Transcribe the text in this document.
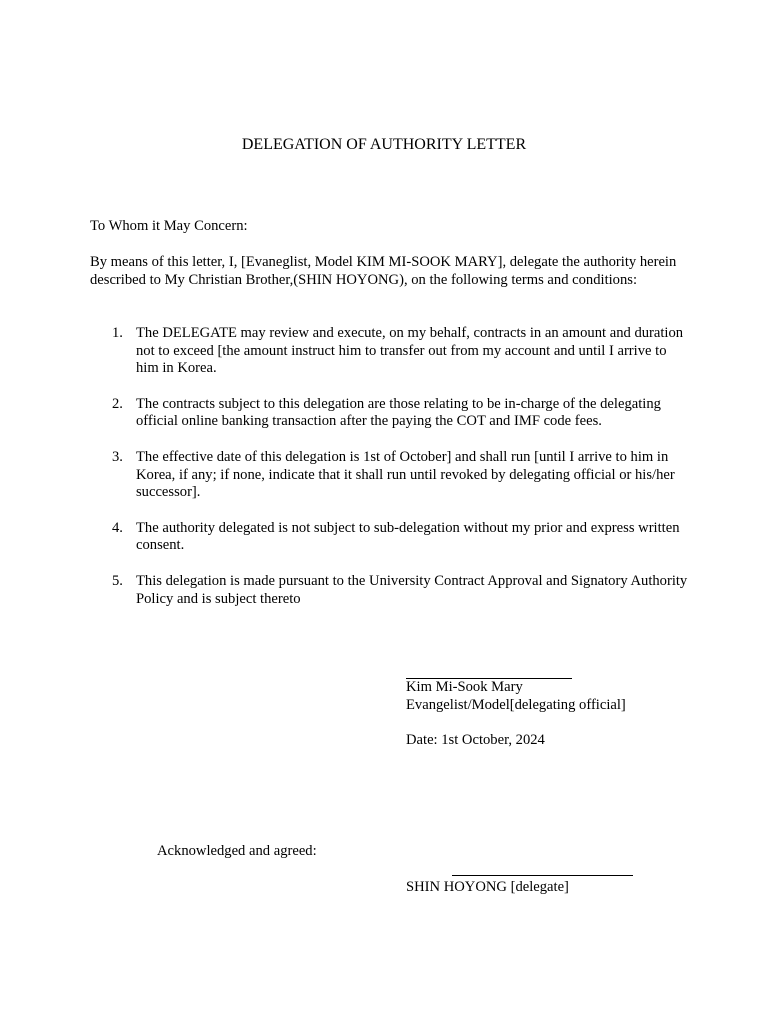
DELEGATION OF AUTHORITY LETTER
To Whom it May Concern:
By means of this letter, I, [Evaneglist, Model KIM MI-SOOK MARY], delegate the authority herein described to My Christian Brother,(SHIN HOYONG), on the following terms and conditions:
1. The DELEGATE may review and execute, on my behalf, contracts in an amount and duration not to exceed [the amount instruct him to transfer out from my account and until I arrive to him in Korea.
2. The contracts subject to this delegation are those relating to be in-charge of the delegating official online banking transaction after the paying the COT and IMF code fees.
3. The effective date of this delegation is 1st of October] and shall run [until I arrive to him in Korea, if any; if none, indicate that it shall run until revoked by delegating official or his/her successor].
4. The authority delegated is not subject to sub-delegation without my prior and express written consent.
5. This delegation is made pursuant to the University Contract Approval and Signatory Authority Policy and is subject thereto
Kim Mi-Sook Mary
Evangelist/Model[delegating official]
Date: 1st October, 2024
Acknowledged and agreed:
SHIN HOYONG [delegate]
